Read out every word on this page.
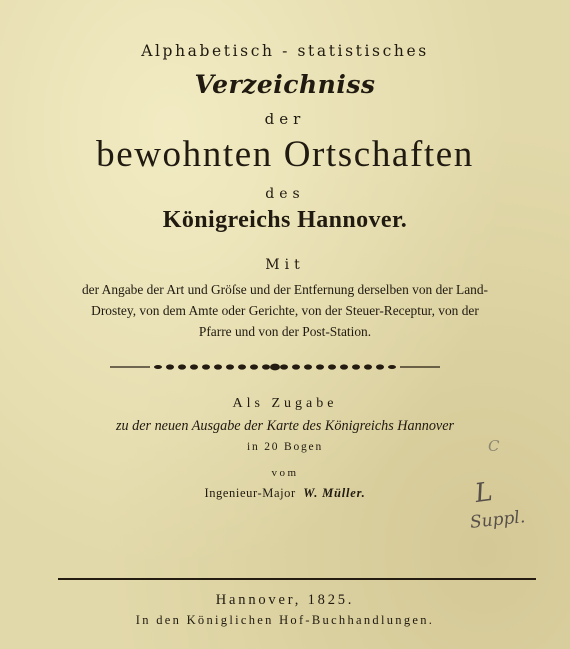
Alphabetisch - statistisches

Verzeichniss

der

bewohnten Ortschaften

des

Königreichs Hannover.

Mit

der Angabe der Art und Gröſse und der Entfernung derselben von der Land-

Drostey, von dem Amte oder Gerichte, von der Steuer-Receptur, von der

Pfarre und von der Post-Station.

Als Zugabe

zu der neuen Ausgabe der Karte des Königreichs Hannover

in 20 Bogen

vom

Ingenieur-Major W. Müller.

Hannover, 1825.

In den Königlichen Hof-Buchhandlungen.

C
L
Suppl.
